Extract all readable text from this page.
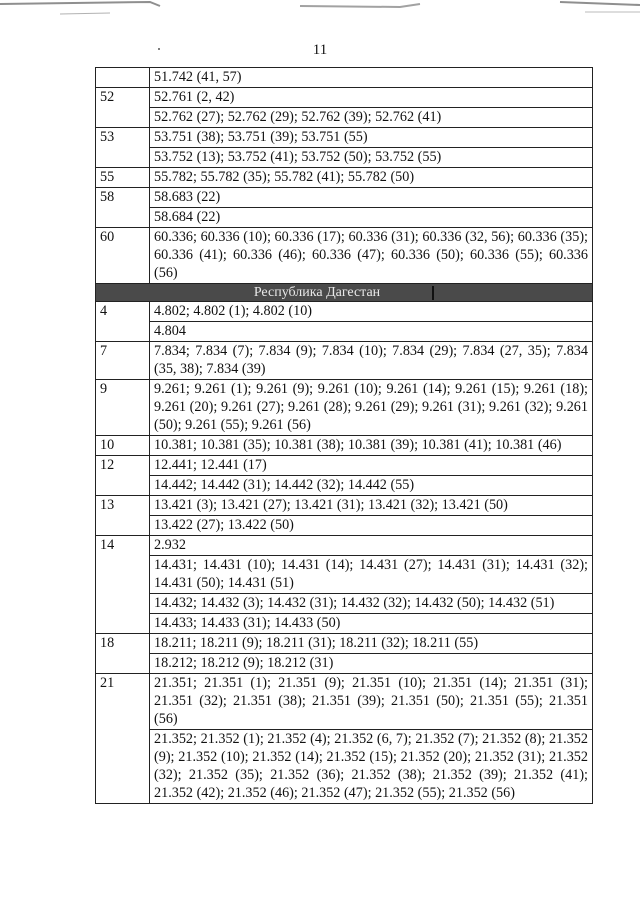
11
	51.742 (41, 57)
52	52.761 (2, 42)
	52.762 (27); 52.762 (29); 52.762 (39); 52.762 (41)
53	53.751 (38); 53.751 (39); 53.751 (55)
	53.752 (13); 53.752 (41); 53.752 (50); 53.752 (55)
55	55.782; 55.782 (35); 55.782 (41); 55.782 (50)
58	58.683 (22)
	58.684 (22)
60	60.336; 60.336 (10); 60.336 (17); 60.336 (31); 60.336 (32, 56); 60.336 (35); 60.336 (41); 60.336 (46); 60.336 (47); 60.336 (50); 60.336 (55); 60.336 (56)
Республика Дагестан	
4	4.802; 4.802 (1); 4.802 (10)
	4.804
7	7.834; 7.834 (7); 7.834 (9); 7.834 (10); 7.834 (29); 7.834 (27, 35); 7.834 (35, 38); 7.834 (39)
9	9.261; 9.261 (1); 9.261 (9); 9.261 (10); 9.261 (14); 9.261 (15); 9.261 (18); 9.261 (20); 9.261 (27); 9.261 (28); 9.261 (29); 9.261 (31); 9.261 (32); 9.261 (50); 9.261 (55); 9.261 (56)
10	10.381; 10.381 (35); 10.381 (38); 10.381 (39); 10.381 (41); 10.381 (46)
12	12.441; 12.441 (17)
	14.442; 14.442 (31); 14.442 (32); 14.442 (55)
13	13.421 (3); 13.421 (27); 13.421 (31); 13.421 (32); 13.421 (50)
	13.422 (27); 13.422 (50)
14	2.932
	14.431; 14.431 (10); 14.431 (14); 14.431 (27); 14.431 (31); 14.431 (32); 14.431 (50); 14.431 (51)
	14.432; 14.432 (3); 14.432 (31); 14.432 (32); 14.432 (50); 14.432 (51)
	14.433; 14.433 (31); 14.433 (50)
18	18.211; 18.211 (9); 18.211 (31); 18.211 (32); 18.211 (55)
	18.212; 18.212 (9); 18.212 (31)
21	21.351; 21.351 (1); 21.351 (9); 21.351 (10); 21.351 (14); 21.351 (31); 21.351 (32); 21.351 (38); 21.351 (39); 21.351 (50); 21.351 (55); 21.351 (56)
	21.352; 21.352 (1); 21.352 (4); 21.352 (6, 7); 21.352 (7); 21.352 (8); 21.352 (9); 21.352 (10); 21.352 (14); 21.352 (15); 21.352 (20); 21.352 (31); 21.352 (32); 21.352 (35); 21.352 (36); 21.352 (38); 21.352 (39); 21.352 (41); 21.352 (42); 21.352 (46); 21.352 (47); 21.352 (55); 21.352 (56)
